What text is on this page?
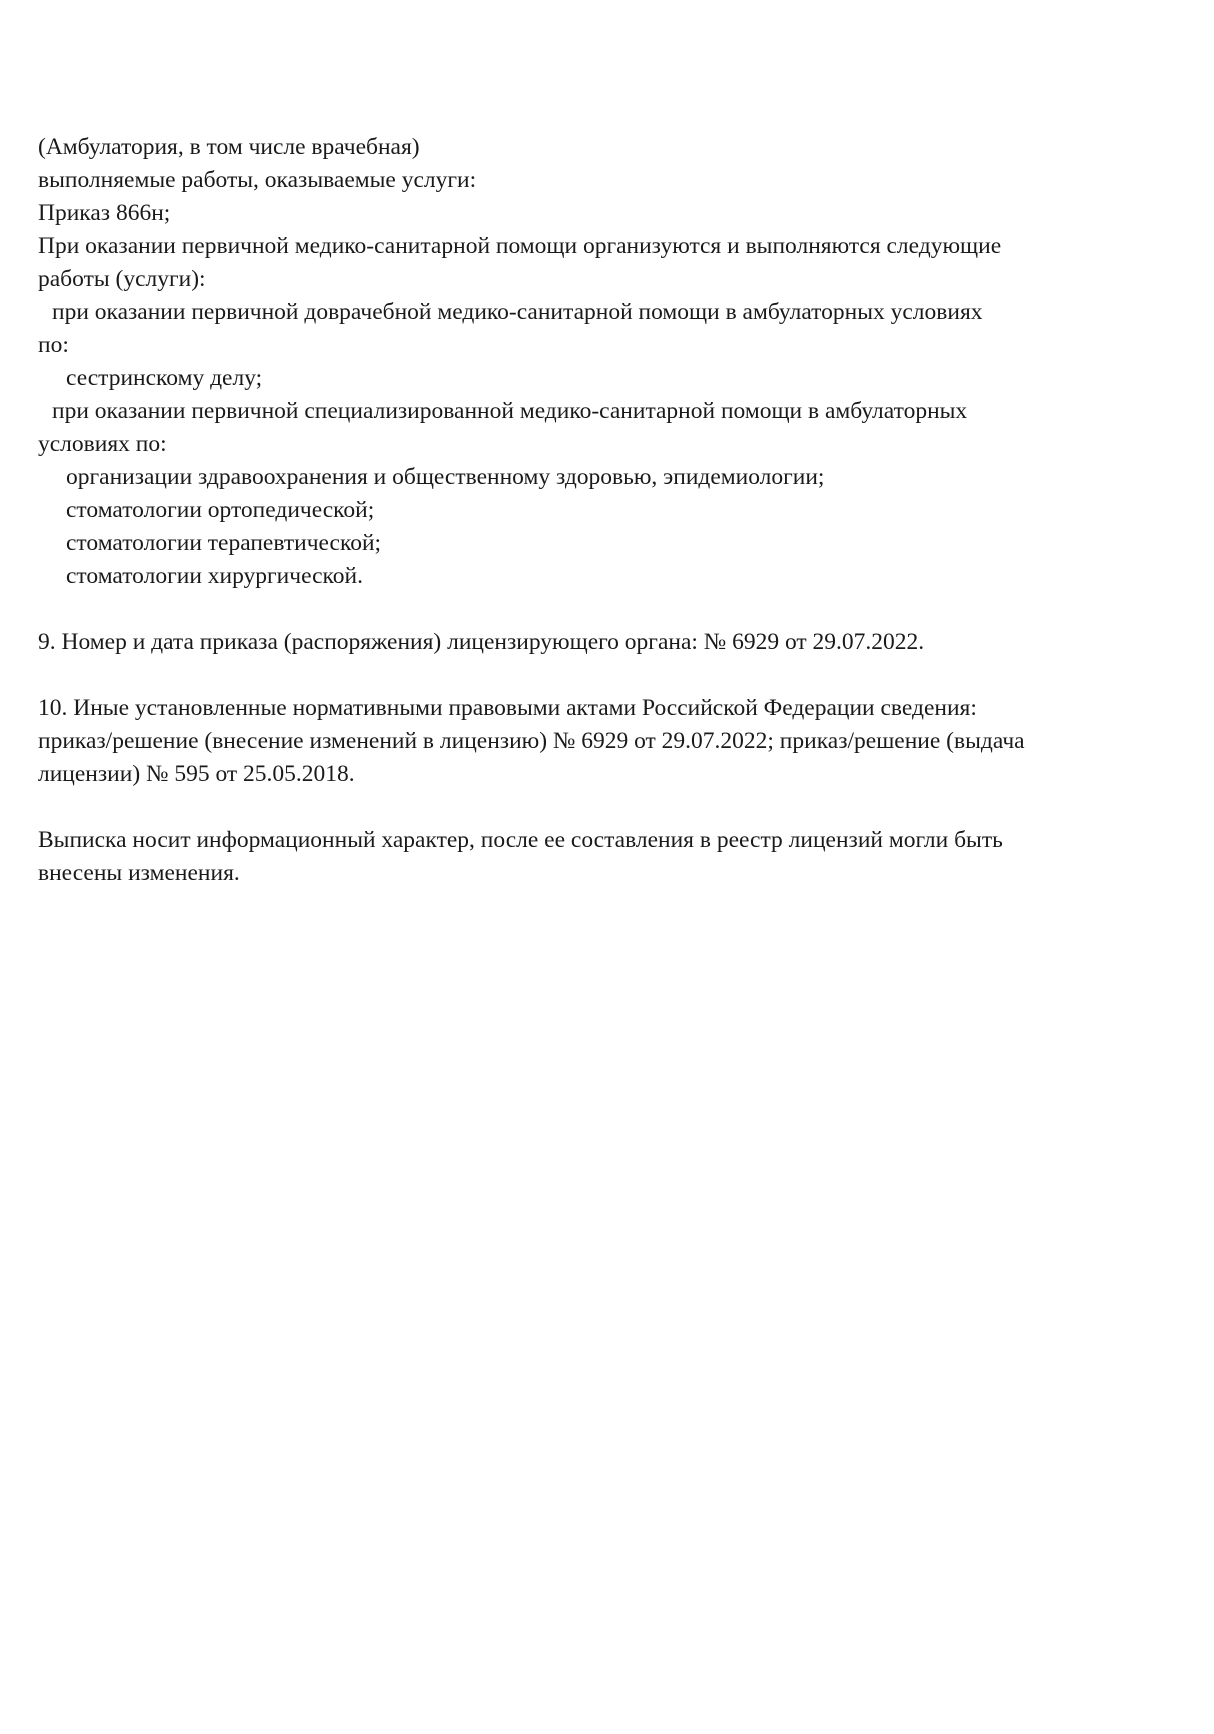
(Амбулатория, в том числе врачебная)
выполняемые работы, оказываемые услуги:
Приказ 866н;
При оказании первичной медико-санитарной помощи организуются и выполняются следующие
работы (услуги):
при оказании первичной доврачебной медико-санитарной помощи в амбулаторных условиях
по:
сестринскому делу;
при оказании первичной специализированной медико-санитарной помощи в амбулаторных
условиях по:
организации здравоохранения и общественному здоровью, эпидемиологии;
стоматологии ортопедической;
стоматологии терапевтической;
стоматологии хирургической.
9. Номер и дата приказа (распоряжения) лицензирующего органа: № 6929 от 29.07.2022.
10. Иные установленные нормативными правовыми актами Российской Федерации сведения:
приказ/решение (внесение изменений в лицензию) № 6929 от 29.07.2022; приказ/решение (выдача
лицензии) № 595 от 25.05.2018.
Выписка носит информационный характер, после ее составления в реестр лицензий могли быть
внесены изменения.
